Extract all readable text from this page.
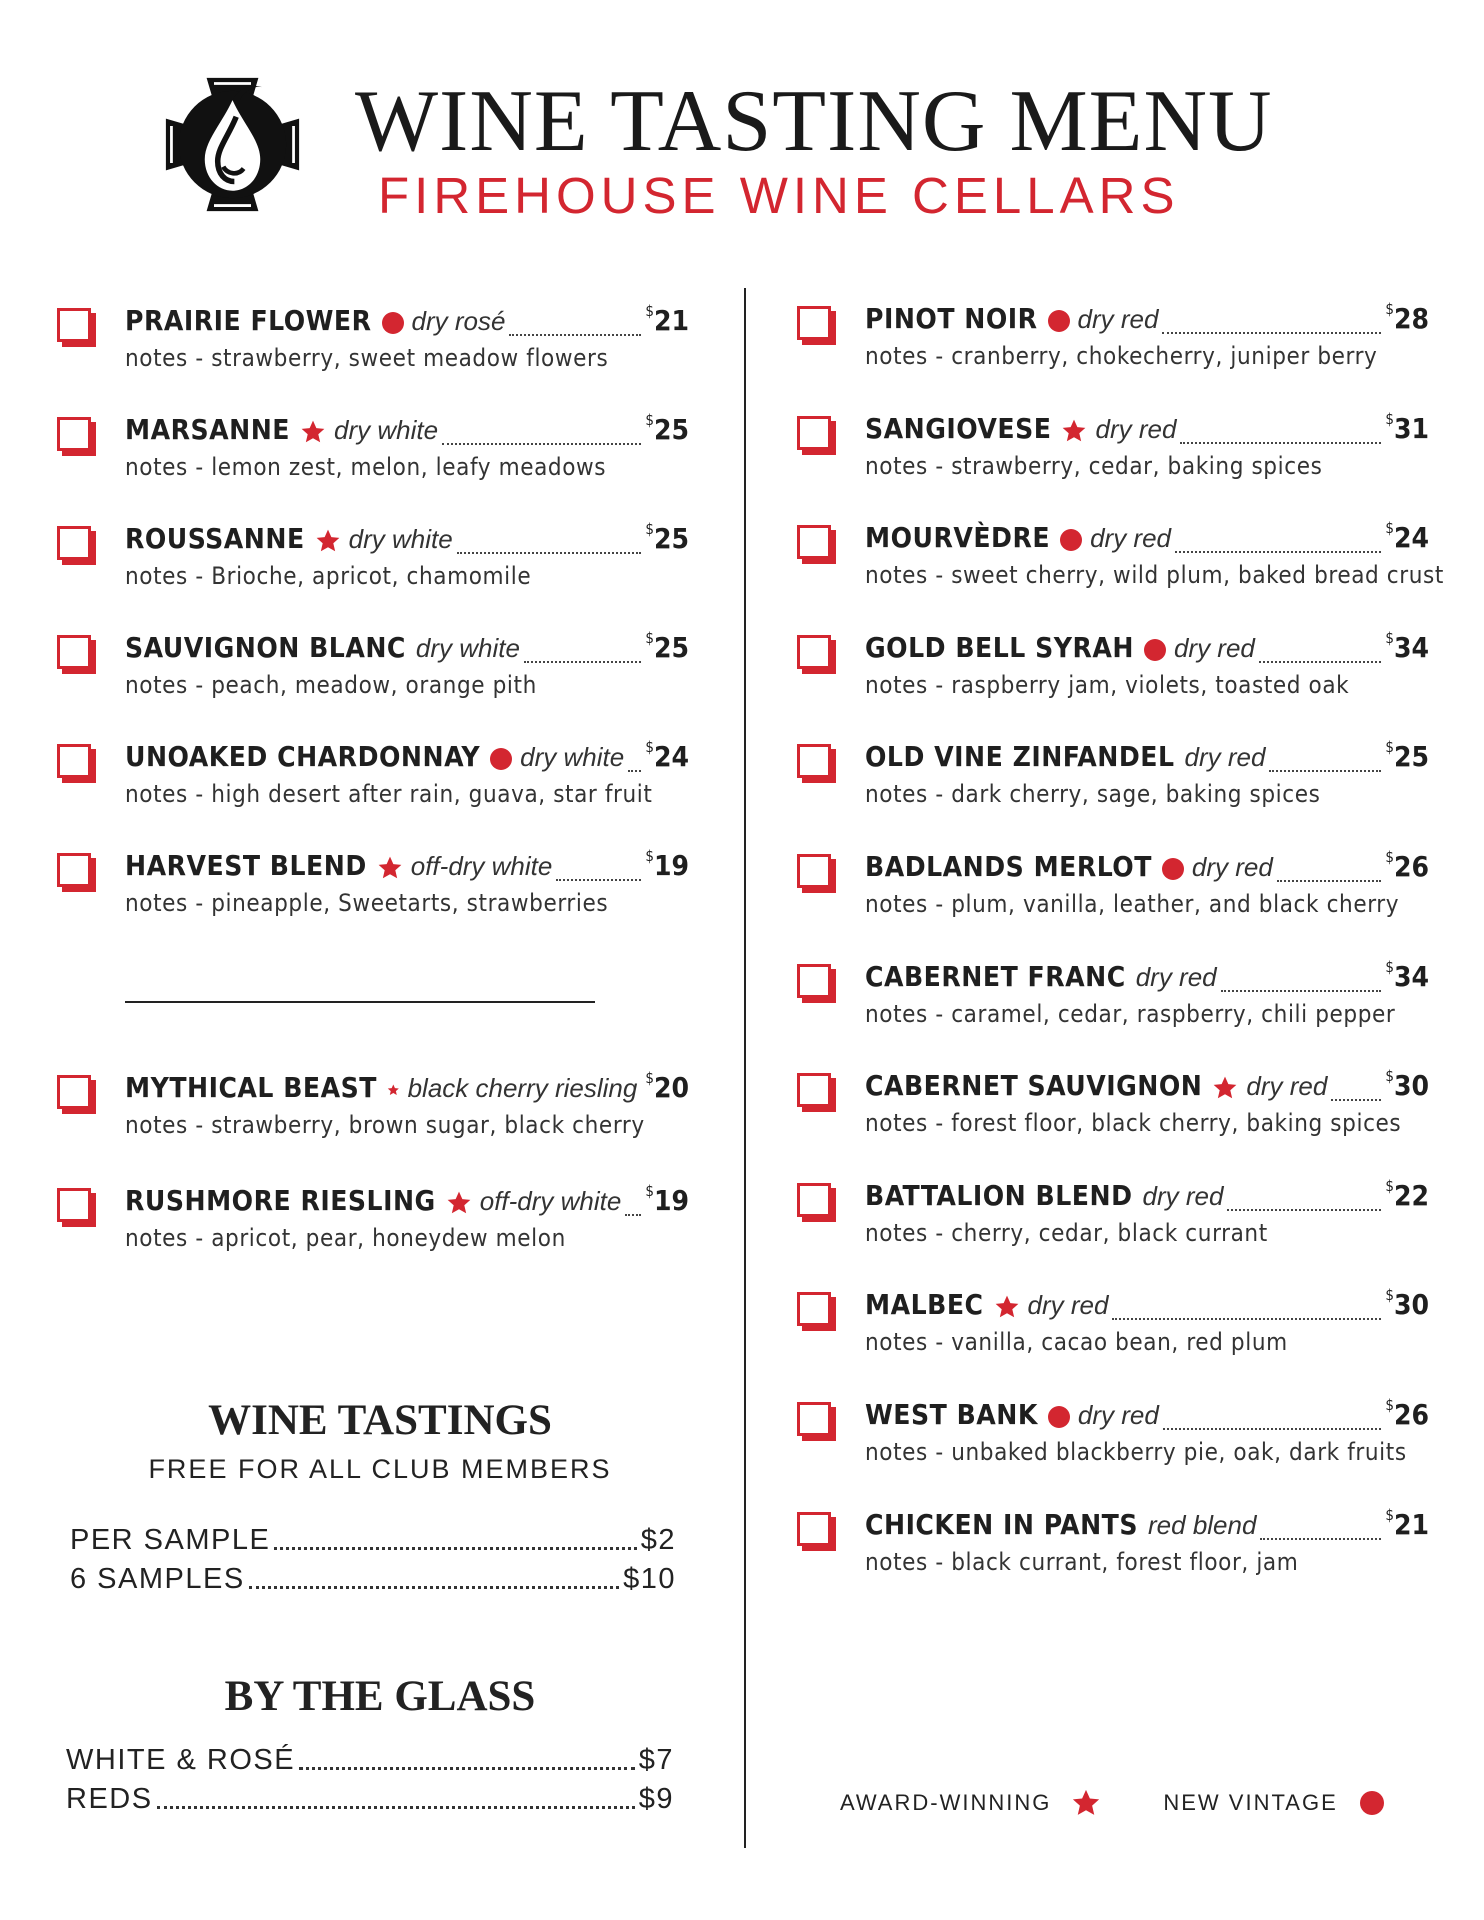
WINE TASTING MENU
FIREHOUSE WINE CELLARS
PRAIRIE FLOWER dry rosé	$21
notes - strawberry, sweet meadow flowers
MARSANNE dry white	$25
notes - lemon zest, melon, leafy meadows
ROUSSANNE dry white	$25
notes - Brioche, apricot, chamomile
SAUVIGNON BLANC dry white	$25
notes - peach, meadow, orange pith
UNOAKED CHARDONNAY dry white $24
notes - high desert after rain, guava, star fruit
HARVEST BLEND off-dry white	$19
notes - pineapple, Sweetarts, strawberries
MYTHICAL BEAST black cherry riesling $20
notes - strawberry, brown sugar, black cherry
RUSHMORE RIESLING off-dry white $19
notes - apricot, pear, honeydew melon
PINOT NOIR dry red	$28
notes - cranberry, chokecherry, juniper berry
SANGIOVESE dry red	$31
notes - strawberry, cedar, baking spices
MOURVÈDRE dry red	$24
notes - sweet cherry, wild plum, baked bread crust
GOLD BELL SYRAH dry red	$34
notes - raspberry jam, violets, toasted oak
OLD VINE ZINFANDEL dry red	$25
notes - dark cherry, sage, baking spices
BADLANDS MERLOT dry red	$26
notes - plum, vanilla, leather, and black cherry
CABERNET FRANC dry red	$34
notes - caramel, cedar, raspberry, chili pepper
CABERNET SAUVIGNON dry red	$30
notes - forest floor, black cherry, baking spices
BATTALION BLEND dry red	$22
notes - cherry, cedar, black currant
MALBEC dry red	$30
notes - vanilla, cacao bean, red plum
WEST BANK dry red	$26
notes - unbaked blackberry pie, oak, dark fruits
CHICKEN IN PANTS red blend	$21
notes - black currant, forest floor, jam
WINE TASTINGS
FREE FOR ALL CLUB MEMBERS
PER SAMPLE	$2
6 SAMPLES	$10
BY THE GLASS
WHITE & ROSÉ	$7
REDS	$9	AWARD-WINNING	NEW VINTAGE
